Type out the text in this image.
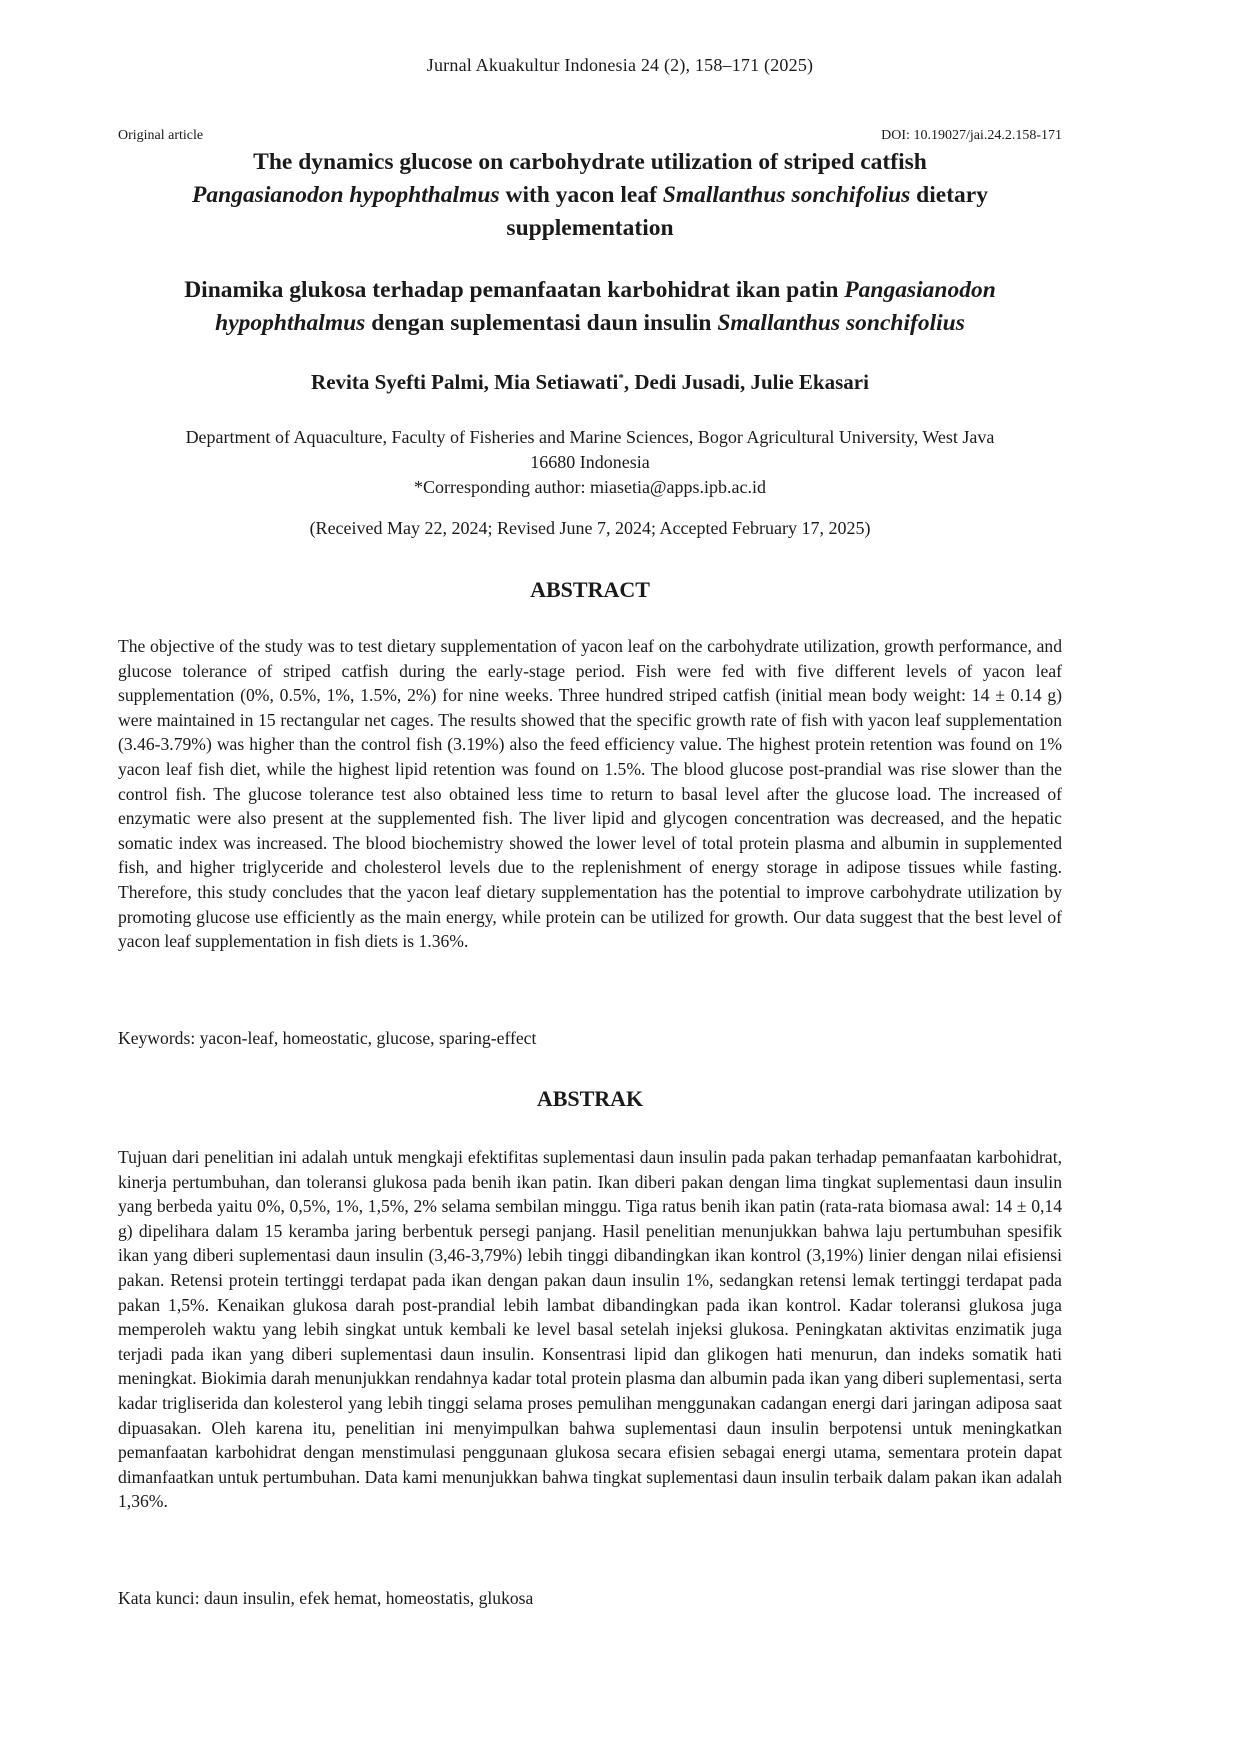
Jurnal Akuakultur Indonesia 24 (2), 158–171 (2025)
Original article	DOI: 10.19027/jai.24.2.158-171
The dynamics glucose on carbohydrate utilization of striped catfish
Pangasianodon hypophthalmus with yacon leaf Smallanthus sonchifolius dietary
supplementation
Dinamika glukosa terhadap pemanfaatan karbohidrat ikan patin Pangasianodon
hypophthalmus dengan suplementasi daun insulin Smallanthus sonchifolius
Revita Syefti Palmi, Mia Setiawati*, Dedi Jusadi, Julie Ekasari
Department of Aquaculture, Faculty of Fisheries and Marine Sciences, Bogor Agricultural University, West Java
16680 Indonesia
*Corresponding author: miasetia@apps.ipb.ac.id
(Received May 22, 2024; Revised June 7, 2024; Accepted February 17, 2025)
ABSTRACT
The objective of the study was to test dietary supplementation of yacon leaf on the carbohydrate utilization, growth performance, and glucose tolerance of striped catfish during the early-stage period. Fish were fed with five different levels of yacon leaf supplementation (0%, 0.5%, 1%, 1.5%, 2%) for nine weeks. Three hundred striped catfish (initial mean body weight: 14 ± 0.14 g) were maintained in 15 rectangular net cages. The results showed that the specific growth rate of fish with yacon leaf supplementation (3.46-3.79%) was higher than the control fish (3.19%) also the feed efficiency value. The highest protein retention was found on 1% yacon leaf fish diet, while the highest lipid retention was found on 1.5%. The blood glucose post-prandial was rise slower than the control fish. The glucose tolerance test also obtained less time to return to basal level after the glucose load. The increased of enzymatic were also present at the supplemented fish. The liver lipid and glycogen concentration was decreased, and the hepatic somatic index was increased. The blood biochemistry showed the lower level of total protein plasma and albumin in supplemented fish, and higher triglyceride and cholesterol levels due to the replenishment of energy storage in adipose tissues while fasting. Therefore, this study concludes that the yacon leaf dietary supplementation has the potential to improve carbohydrate utilization by promoting glucose use efficiently as the main energy, while protein can be utilized for growth. Our data suggest that the best level of yacon leaf supplementation in fish diets is 1.36%.
Keywords: yacon-leaf, homeostatic, glucose, sparing-effect
ABSTRAK
Tujuan dari penelitian ini adalah untuk mengkaji efektifitas suplementasi daun insulin pada pakan terhadap pemanfaatan karbohidrat, kinerja pertumbuhan, dan toleransi glukosa pada benih ikan patin. Ikan diberi pakan dengan lima tingkat suplementasi daun insulin yang berbeda yaitu 0%, 0,5%, 1%, 1,5%, 2% selama sembilan minggu. Tiga ratus benih ikan patin (rata-rata biomasa awal: 14 ± 0,14 g) dipelihara dalam 15 keramba jaring berbentuk persegi panjang. Hasil penelitian menunjukkan bahwa laju pertumbuhan spesifik ikan yang diberi suplementasi daun insulin (3,46-3,79%) lebih tinggi dibandingkan ikan kontrol (3,19%) linier dengan nilai efisiensi pakan. Retensi protein tertinggi terdapat pada ikan dengan pakan daun insulin 1%, sedangkan retensi lemak tertinggi terdapat pada pakan 1,5%. Kenaikan glukosa darah post-prandial lebih lambat dibandingkan pada ikan kontrol. Kadar toleransi glukosa juga memperoleh waktu yang lebih singkat untuk kembali ke level basal setelah injeksi glukosa. Peningkatan aktivitas enzimatik juga terjadi pada ikan yang diberi suplementasi daun insulin. Konsentrasi lipid dan glikogen hati menurun, dan indeks somatik hati meningkat. Biokimia darah menunjukkan rendahnya kadar total protein plasma dan albumin pada ikan yang diberi suplementasi, serta kadar trigliserida dan kolesterol yang lebih tinggi selama proses pemulihan menggunakan cadangan energi dari jaringan adiposa saat dipuasakan. Oleh karena itu, penelitian ini menyimpulkan bahwa suplementasi daun insulin berpotensi untuk meningkatkan pemanfaatan karbohidrat dengan menstimulasi penggunaan glukosa secara efisien sebagai energi utama, sementara protein dapat dimanfaatkan untuk pertumbuhan. Data kami menunjukkan bahwa tingkat suplementasi daun insulin terbaik dalam pakan ikan adalah 1,36%.
Kata kunci: daun insulin, efek hemat, homeostatis, glukosa
